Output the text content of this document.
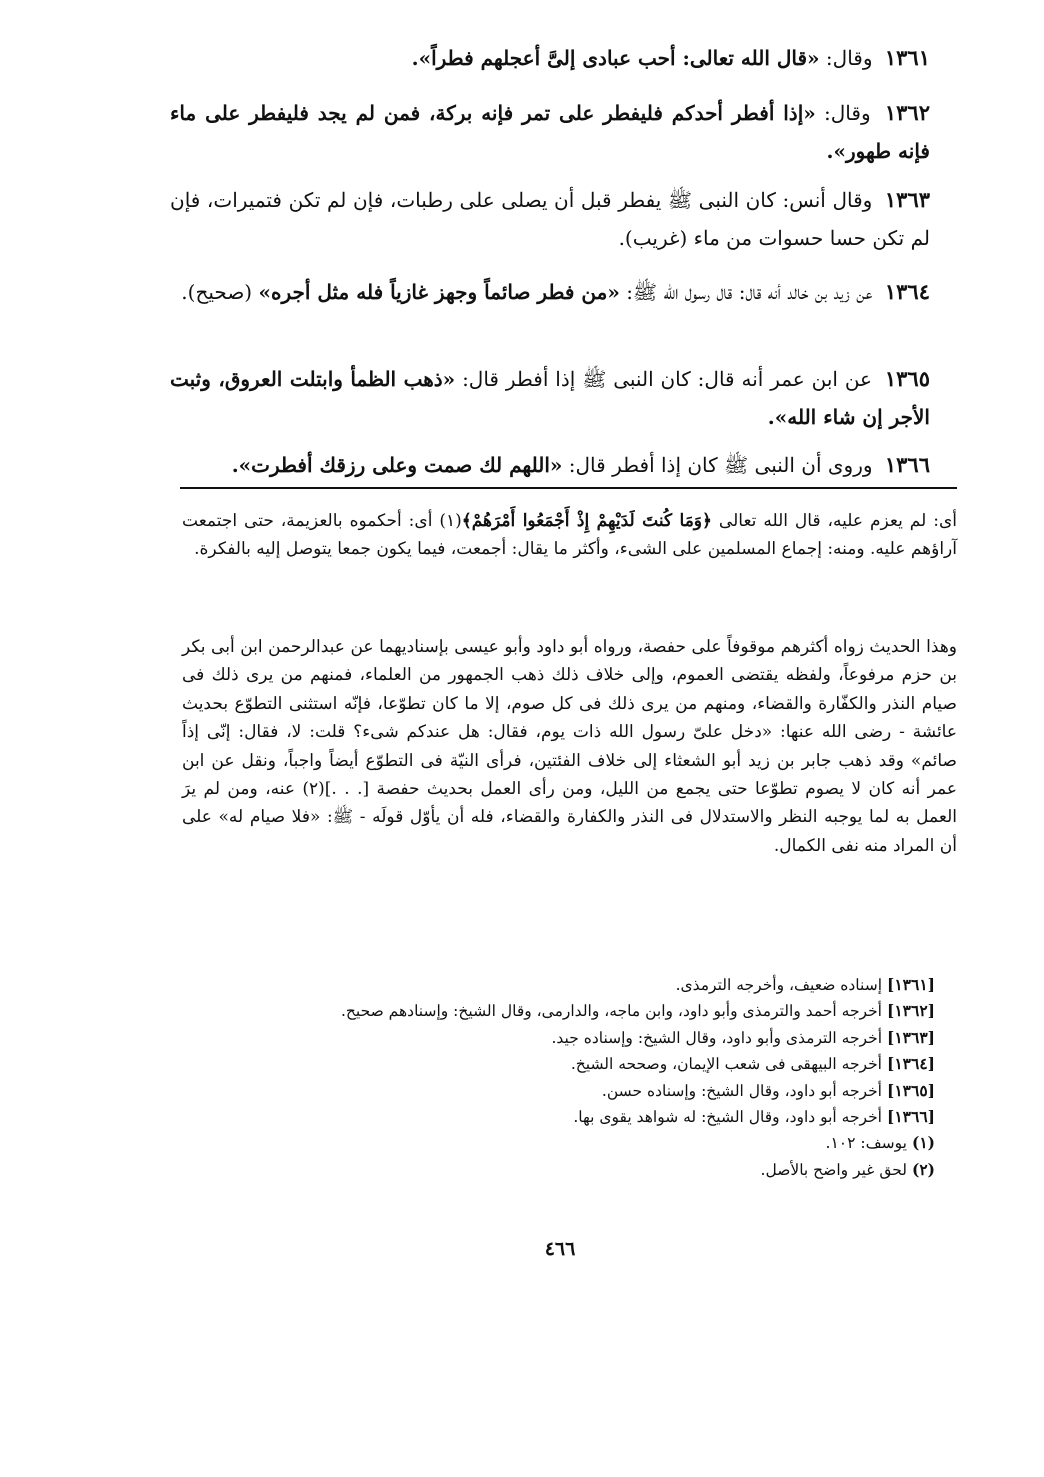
١٣٦١ وقال: «قال الله تعالى: أحب عبادى إلىَّ أعجلهم فطراً».
١٣٦٢ وقال: «إذا أفطر أحدكم فليفطر على تمر فإنه بركة، فمن لم يجد فليفطر على ماء فإنه طهور».
١٣٦٣ وقال أنس: كان النبى ﷺ يفطر قبل أن يصلى على رطبات، فإن لم تكن فتميرات، فإن لم تكن حسا حسوات من ماء (غريب).
١٣٦٤ عن زيد بن خالد أنه قال: قال رسول الله ﷺ: «من فطر صائماً وجهز غازياً فله مثل أجره» (صحيح).
١٣٦٥ عن ابن عمر أنه قال: كان النبى ﷺ إذا أفطر قال: «ذهب الظمأ وابتلت العروق، وثبت الأجر إن شاء الله».
١٣٦٦ وروى أن النبى ﷺ كان إذا أفطر قال: «اللهم لك صمت وعلى رزقك أفطرت».
أى: لم يعزم عليه، قال الله تعالى ﴿وَمَا كُنتَ لَدَيْهِمْ إِذْ أَجْمَعُوا أَمْرَهُمْ﴾(١) أى: أحكموه بالعزيمة، حتى اجتمعت آراؤهم عليه. ومنه: إجماع المسلمين على الشىء، وأكثر ما يقال: أجمعت، فيما يكون جمعا يتوصل إليه بالفكرة.
وهذا الحديث زواه أكثرهم موقوفاً على حفصة، ورواه أبو داود وأبو عيسى بإسناديهما عن عبدالرحمن ابن أبى بكر بن حزم مرفوعاً، ولفظه يقتضى العموم، وإلى خلاف ذلك ذهب الجمهور من العلماء، فمنهم من يرى ذلك فى صيام النذر والكفّارة والقضاء، ومنهم من يرى ذلك فى كل صوم، إلا ما كان تطوّعا، فإنّه استثنى التطوّع بحديث عائشة - رضى الله عنها: «دخل علىّ رسول الله ذات يوم، فقال: هل عندكم شىء؟ قلت: لا، فقال: إنّى إذاً صائم» وقد ذهب جابر بن زيد أبو الشعثاء إلى خلاف الفئتين، فرأى النيّة فى التطوّع أيضاً واجباً، ونقل عن ابن عمر أنه كان لا يصوم تطوّعا حتى يجمع من الليل، ومن رأى العمل بحديث حفصة [. . .](٢) عنه، ومن لم يرَ العمل به لما يوجبه النظر والاستدلال فى النذر والكفارة والقضاء، فله أن يأوّل قولَه - ﷺ: «فلا صيام له» على أن المراد منه نفى الكمال.
[١٣٦١]إسناده ضعيف، وأخرجه الترمذى.
[١٣٦٢]أخرجه أحمد والترمذى وأبو داود، وابن ماجه، والدارمى، وقال الشيخ: وإسنادهم صحيح.
[١٣٦٣]أخرجه الترمذى وأبو داود، وقال الشيخ: وإسناده جيد.
[١٣٦٤]أخرجه البيهقى فى شعب الإيمان، وصححه الشيخ.
[١٣٦٥]أخرجه أبو داود، وقال الشيخ: وإسناده حسن.
[١٣٦٦]أخرجه أبو داود، وقال الشيخ: له شواهد يقوى بها.
(١)يوسف: ١٠٢.
(٢)لحق غير واضح بالأصل.
٤٦٦
